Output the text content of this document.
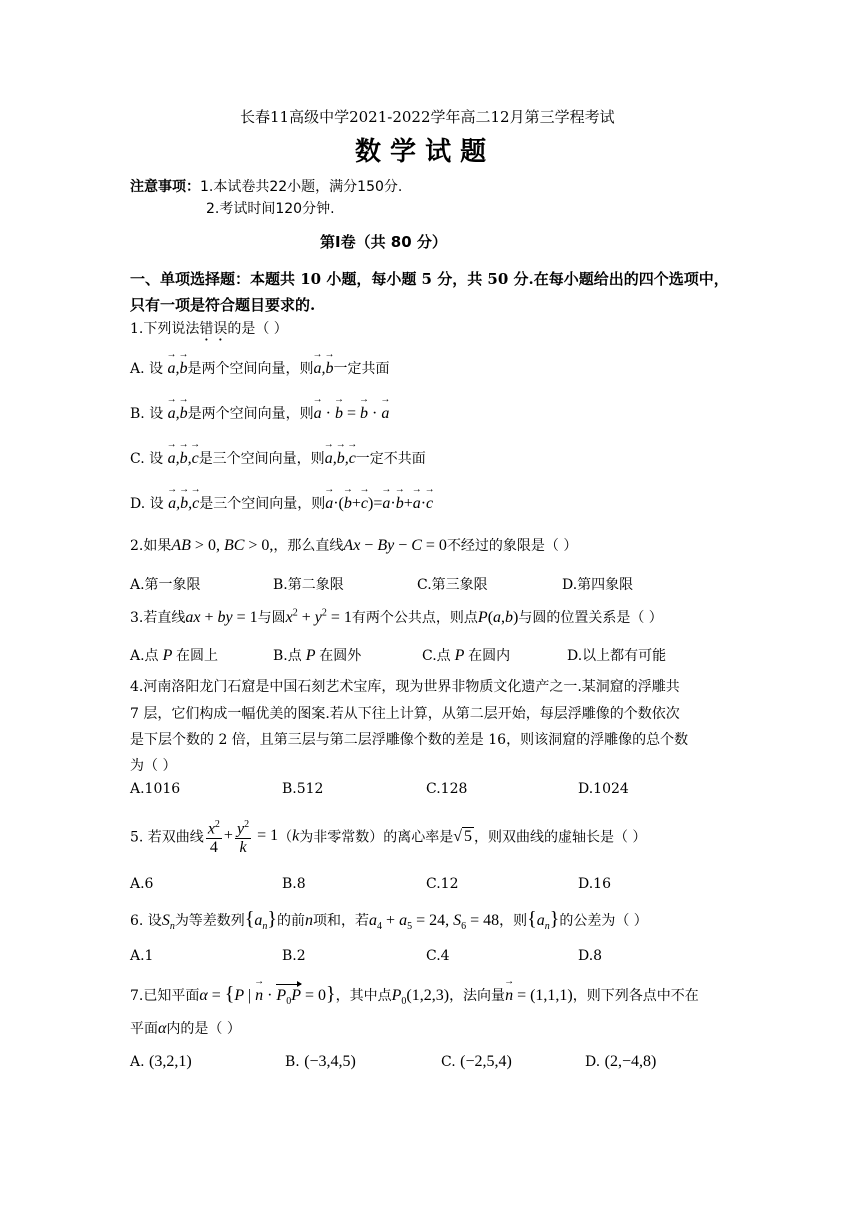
长春11高级中学2021-2022学年高二12月第三学程考试
数 学 试 题
注意事项：1.本试卷共22小题，满分150分.
2.考试时间120分钟.
第Ⅰ卷（共 80 分）
一、单项选择题：本题共 10 小题，每小题 5 分，共 50 分.在每小题给出的四个选项中，
只有一项是符合题目要求的.
1.下列说法错误的是（ ）
A. 设 → a,→ b是两个空间向量，则→ a,→ b一定共面
B. 设 → a,→ b是两个空间向量，则→ a · → b = → b · → a
C. 设 → a,→ b,→ c是三个空间向量，则→ a,→ b,→ c一定不共面
D. 设 → a,→ b,→ c是三个空间向量，则→ a·(→ b+→ c)=→ a·→ b+→ a·→ c
2.如果AB > 0, BC > 0,，那么直线Ax − By − C = 0不经过的象限是（ ）
A.第一象限	B.第二象限	C.第三象限	D.第四象限
3.若直线ax + by = 1与圆$x^2 + y^2 = 1$有两个公共点，则点P(a,b)与圆的位置关系是（ ）
A.点 P 在圆上	B.点 P 在圆外	C.点 P 在圆内	D.以上都有可能
4.河南洛阳龙门石窟是中国石刻艺术宝库，现为世界非物质文化遗产之一.某洞窟的浮雕共
7 层，它们构成一幅优美的图案.若从下往上计算，从第二层开始，每层浮雕像的个数依次
是下层个数的 2 倍，且第三层与第二层浮雕像个数的差是 16，则该洞窟的浮雕像的总个数
为（ ）
A.1016	B.512	C.128	D.1024
5. 若双曲线 $\frac{x^2}{4} + \frac{y^2}{k} = 1(k$为非零常数）的离心率是√ 5 ，则双曲线的虚轴长是（ ）
A.6	B.8	C.12	D.16
6. 设$S_n$为等差数列$\{a_n\}$的前n项和，若$a_4 + a_5 = 24$, $S_6 = 48$，则$\{a_n\}$的公差为（ ）
A.1	B.2	C.4	D.8
7.已知平面α = {P | → $n \cdot P_0P = 0$}，其中点$P_0(1,2,3)$，法向量→ n = (1,1,1)，则下列各点中不在
平面α内的是（ ）
A. (3,2,1)	B. (−3,4,5)	C. (−2,5,4)	D. (2,−4,8)
